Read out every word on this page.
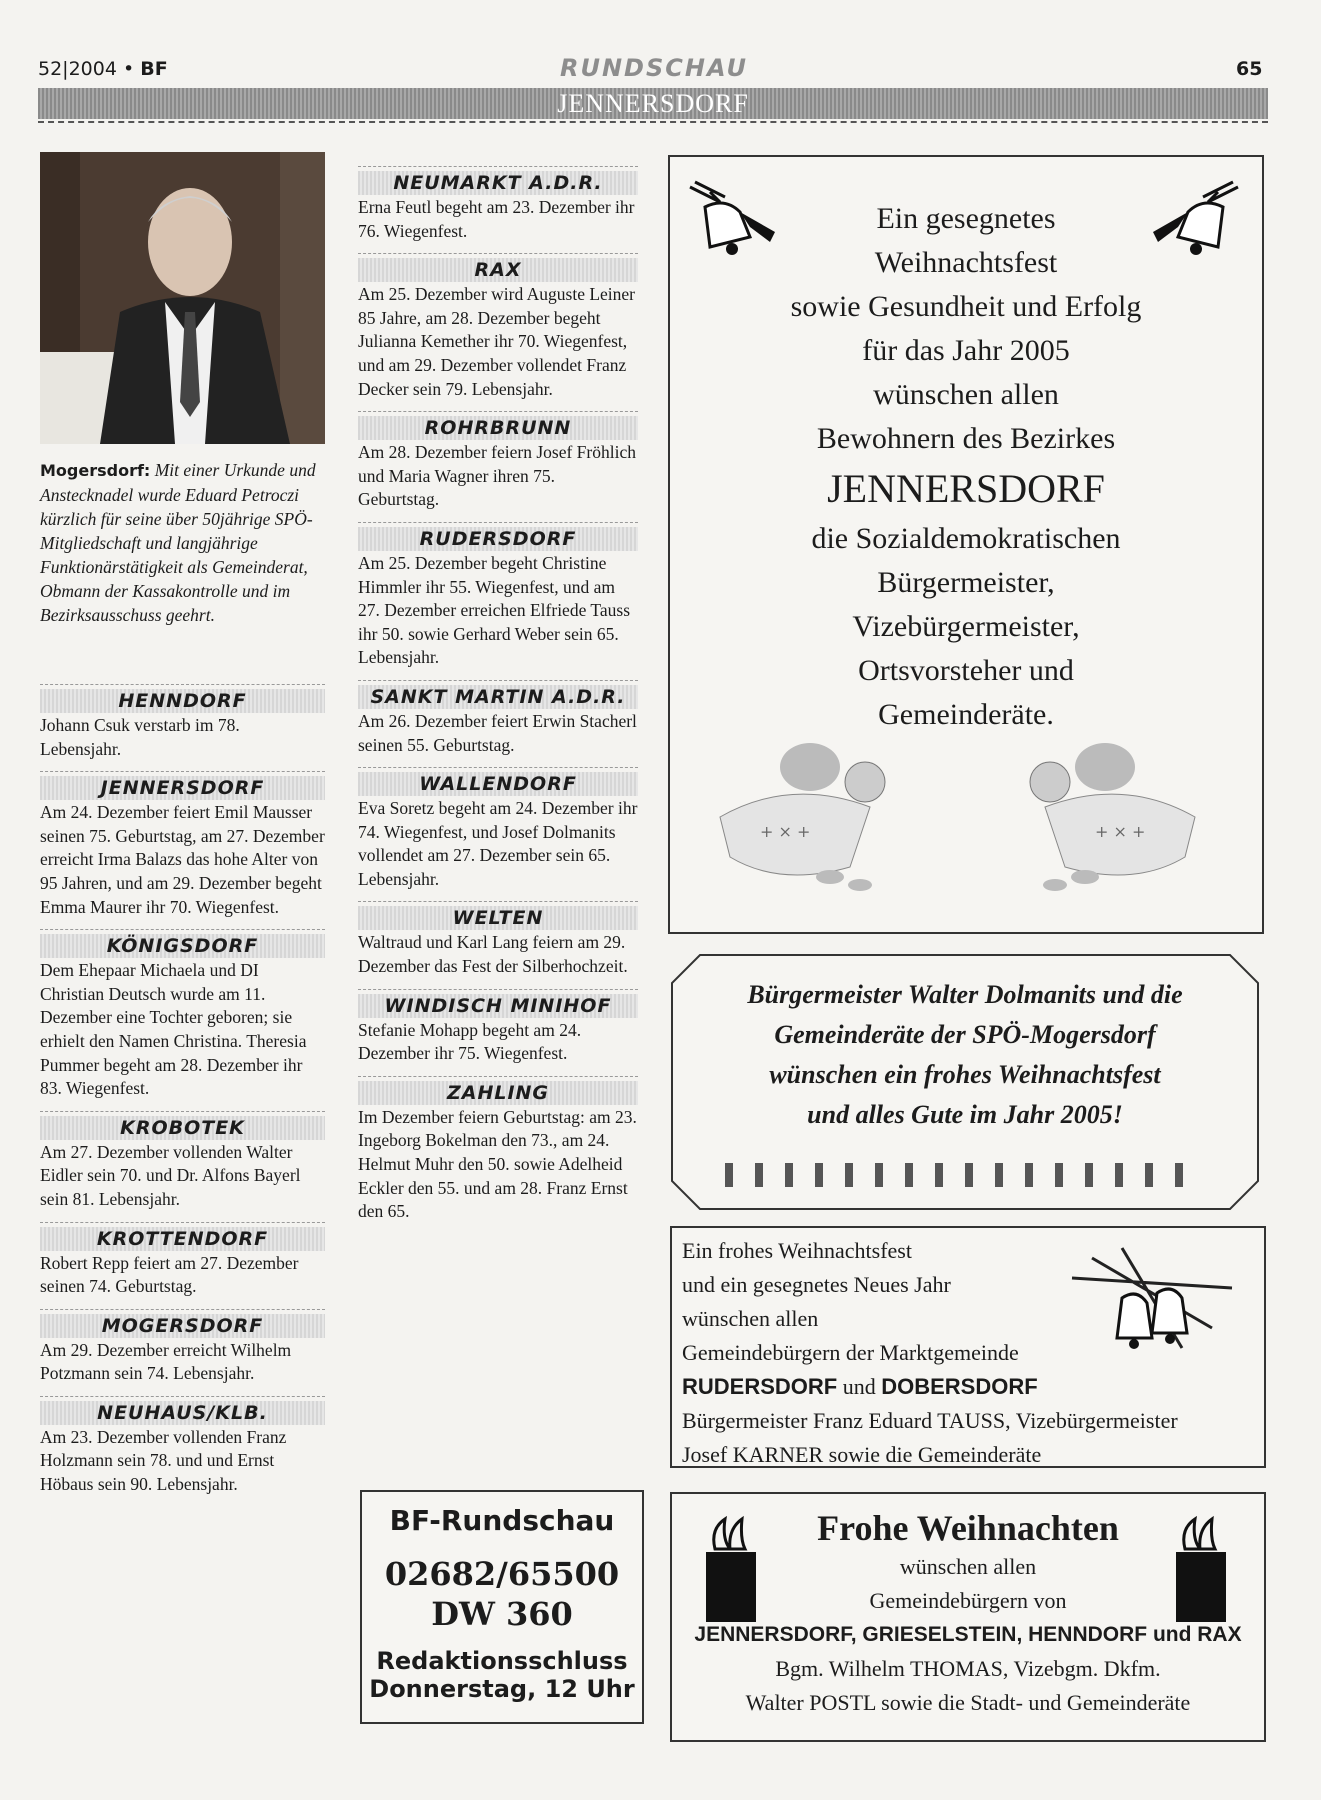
52|2004 • BF	RUNDSCHAU	65
JENNERSDORF
Mogersdorf: Mit einer Urkunde und Anstecknadel wurde Eduard Petroczi kürzlich für seine über 50jährige SPÖ-Mitgliedschaft und langjährige Funktionärstätigkeit als Gemeinderat, Obmann der Kassakontrolle und im Bezirksausschuss geehrt.
HENNDORF
Johann Csuk verstarb im 78. Lebensjahr.
JENNERSDORF
Am 24. Dezember feiert Emil Mausser seinen 75. Geburtstag, am 27. Dezember erreicht Irma Balazs das hohe Alter von 95 Jahren, und am 29. Dezember begeht Emma Maurer ihr 70. Wiegenfest.
KÖNIGSDORF
Dem Ehepaar Michaela und DI Christian Deutsch wurde am 11. Dezember eine Tochter geboren; sie erhielt den Namen Christina. Theresia Pummer begeht am 28. Dezember ihr 83. Wiegenfest.
KROBOTEK
Am 27. Dezember vollenden Walter Eidler sein 70. und Dr. Alfons Bayerl sein 81. Lebensjahr.
KROTTENDORF
Robert Repp feiert am 27. Dezember seinen 74. Geburtstag.
MOGERSDORF
Am 29. Dezember erreicht Wilhelm Potzmann sein 74. Lebensjahr.
NEUHAUS/KLB.
Am 23. Dezember vollenden Franz Holzmann sein 78. und und Ernst Höbaus sein 90. Lebensjahr.
NEUMARKT A.D.R.
Erna Feutl begeht am 23. Dezember ihr 76. Wiegenfest.
RAX
Am 25. Dezember wird Auguste Leiner 85 Jahre, am 28. Dezember begeht Julianna Kemether ihr 70. Wiegenfest, und am 29. Dezember vollendet Franz Decker sein 79. Lebensjahr.
ROHRBRUNN
Am 28. Dezember feiern Josef Fröhlich und Maria Wagner ihren 75. Geburtstag.
RUDERSDORF
Am 25. Dezember begeht Christine Himmler ihr 55. Wiegenfest, und am 27. Dezember erreichen Elfriede Tauss ihr 50. sowie Gerhard Weber sein 65. Lebensjahr.
SANKT MARTIN A.D.R.
Am 26. Dezember feiert Erwin Stacherl seinen 55. Geburtstag.
WALLENDORF
Eva Soretz begeht am 24. Dezember ihr 74. Wiegenfest, und Josef Dolmanits vollendet am 27. Dezember sein 65. Lebensjahr.
WELTEN
Waltraud und Karl Lang feiern am 29. Dezember das Fest der Silberhochzeit.
WINDISCH MINIHOF
Stefanie Mohapp begeht am 24. Dezember ihr 75. Wiegenfest.
ZAHLING
Im Dezember feiern Geburtstag: am 23. Ingeborg Bokelman den 73., am 24. Helmut Muhr den 50. sowie Adelheid Eckler den 55. und am 28. Franz Ernst den 65.
BF-Rundschau
02682/65500
DW 360
Redaktionsschluss
Donnerstag, 12 Uhr
Ein gesegnetes
Weihnachtsfest
sowie Gesundheit und Erfolg
für das Jahr 2005
wünschen allen
Bewohnern des Bezirkes
JENNERSDORF
die Sozialdemokratischen
Bürgermeister,
Vizebürgermeister,
Ortsvorsteher und
Gemeinderäte.
+ × +	+ × +
Bürgermeister Walter Dolmanits und die
Gemeinderäte der SPÖ-Mogersdorf
wünschen ein frohes Weihnachtsfest
und alles Gute im Jahr 2005!
Ein frohes Weihnachtsfest
und ein gesegnetes Neues Jahr
wünschen allen
Gemeindebürgern der Marktgemeinde
RUDERSDORF und DOBERSDORF
Bürgermeister Franz Eduard TAUSS, Vizebürgermeister
Josef KARNER sowie die Gemeinderäte
Frohe Weihnachten
wünschen allen
Gemeindebürgern von
JENNERSDORF, GRIESELSTEIN, HENNDORF und RAX
Bgm. Wilhelm THOMAS, Vizebgm. Dkfm.
Walter POSTL sowie die Stadt- und Gemeinderäte
